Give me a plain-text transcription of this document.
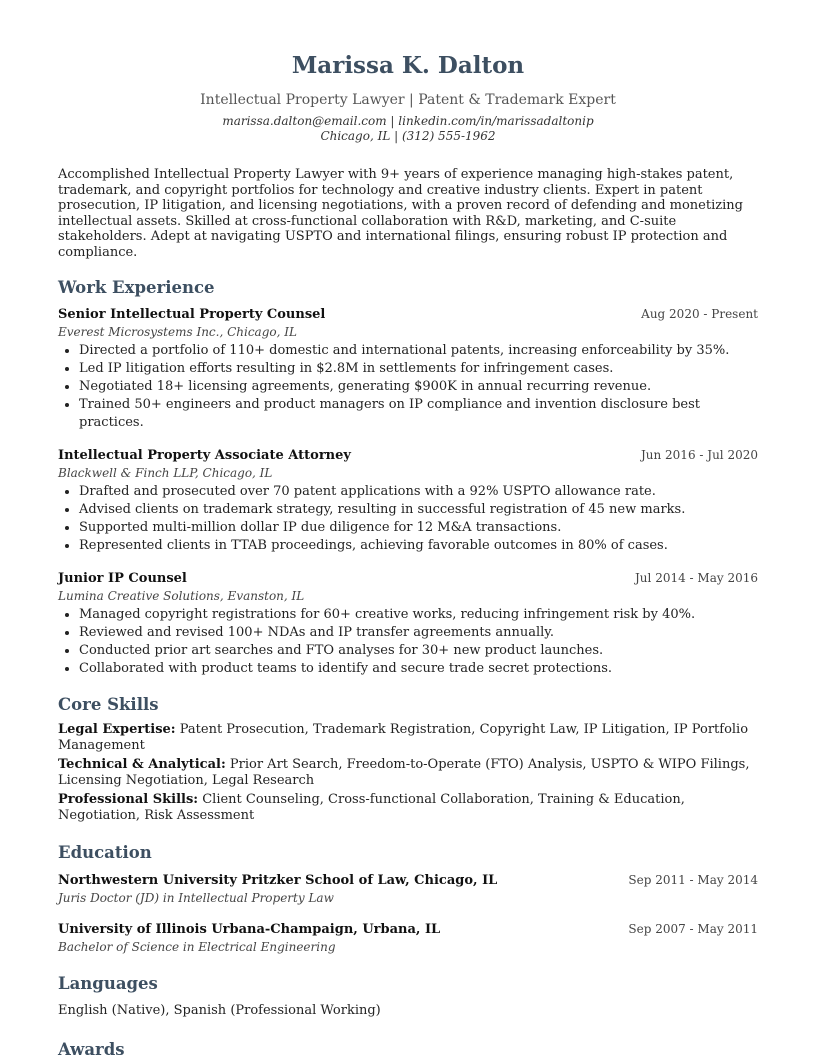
Marissa K. Dalton
Intellectual Property Lawyer | Patent & Trademark Expert
marissa.dalton@email.com | linkedin.com/in/marissadaltonip
Chicago, IL | (312) 555-1962
Accomplished Intellectual Property Lawyer with 9+ years of experience managing high-stakes patent, trademark, and copyright portfolios for technology and creative industry clients. Expert in patent prosecution, IP litigation, and licensing negotiations, with a proven record of defending and monetizing intellectual assets. Skilled at cross-functional collaboration with R&D, marketing, and C-suite stakeholders. Adept at navigating USPTO and international filings, ensuring robust IP protection and compliance.
Work Experience
Senior Intellectual Property Counsel	Aug 2020 - Present
Everest Microsystems Inc., Chicago, IL
• Directed a portfolio of 110+ domestic and international patents, increasing enforceability by 35%.
• Led IP litigation efforts resulting in $2.8M in settlements for infringement cases.
• Negotiated 18+ licensing agreements, generating $900K in annual recurring revenue.
• Trained 50+ engineers and product managers on IP compliance and invention disclosure best practices.
Intellectual Property Associate Attorney	Jun 2016 - Jul 2020
Blackwell & Finch LLP, Chicago, IL
• Drafted and prosecuted over 70 patent applications with a 92% USPTO allowance rate.
• Advised clients on trademark strategy, resulting in successful registration of 45 new marks.
• Supported multi-million dollar IP due diligence for 12 M&A transactions.
• Represented clients in TTAB proceedings, achieving favorable outcomes in 80% of cases.
Junior IP Counsel	Jul 2014 - May 2016
Lumina Creative Solutions, Evanston, IL
• Managed copyright registrations for 60+ creative works, reducing infringement risk by 40%.
• Reviewed and revised 100+ NDAs and IP transfer agreements annually.
• Conducted prior art searches and FTO analyses for 30+ new product launches.
• Collaborated with product teams to identify and secure trade secret protections.
Core Skills
Legal Expertise: Patent Prosecution, Trademark Registration, Copyright Law, IP Litigation, IP Portfolio Management
Technical & Analytical: Prior Art Search, Freedom-to-Operate (FTO) Analysis, USPTO & WIPO Filings, Licensing Negotiation, Legal Research
Professional Skills: Client Counseling, Cross-functional Collaboration, Training & Education, Negotiation, Risk Assessment
Education
Northwestern University Pritzker School of Law, Chicago, IL	Sep 2011 - May 2014
Juris Doctor (JD) in Intellectual Property Law
University of Illinois Urbana-Champaign, Urbana, IL	Sep 2007 - May 2011
Bachelor of Science in Electrical Engineering
Languages
English (Native), Spanish (Professional Working)
Awards
